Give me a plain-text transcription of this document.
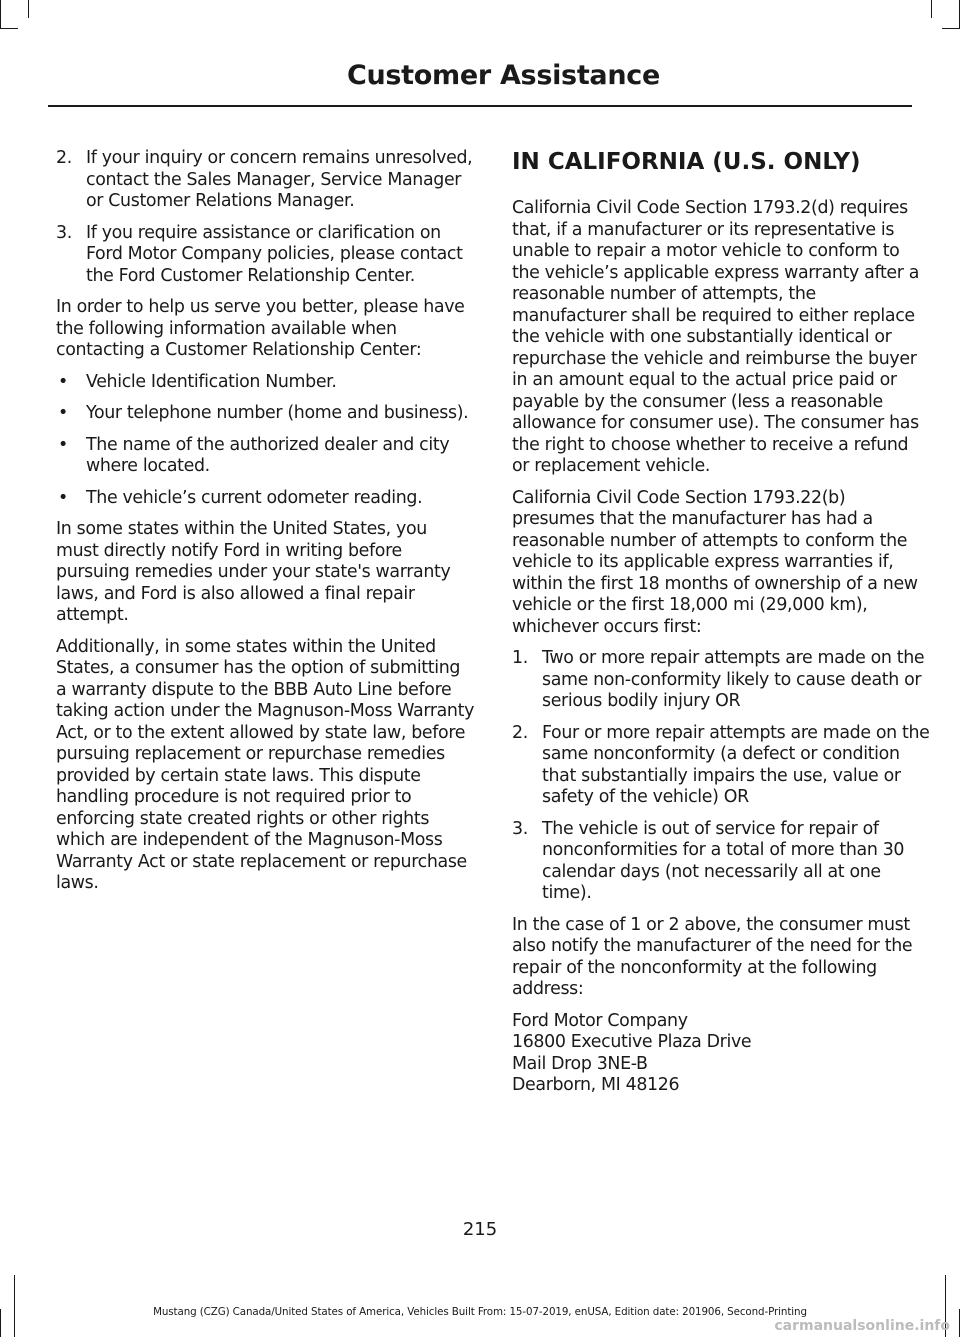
Customer Assistance
2. If your inquiry or concern remains unresolved, contact the Sales Manager, Service Manager or Customer Relations Manager.
3. If you require assistance or clarification on Ford Motor Company policies, please contact the Ford Customer Relationship Center.

In order to help us serve you better, please have the following information available when contacting a Customer Relationship Center:

•	Vehicle Identification Number.
•	Your telephone number (home and business).
•	The name of the authorized dealer and city where located.
•	The vehicle’s current odometer reading.

In some states within the United States, you must directly notify Ford in writing before pursuing remedies under your state's warranty laws, and Ford is also allowed a final repair attempt.

Additionally, in some states within the United States, a consumer has the option of submitting a warranty dispute to the BBB Auto Line before taking action under the Magnuson-Moss Warranty Act, or to the extent allowed by state law, before pursuing replacement or repurchase remedies provided by certain state laws. This dispute handling procedure is not required prior to enforcing state created rights or other rights which are independent of the Magnuson-Moss Warranty Act or state replacement or repurchase laws.

IN CALIFORNIA (U.S. ONLY)

California Civil Code Section 1793.2(d) requires that, if a manufacturer or its representative is unable to repair a motor vehicle to conform to the vehicle’s applicable express warranty after a reasonable number of attempts, the manufacturer shall be required to either replace the vehicle with one substantially identical or repurchase the vehicle and reimburse the buyer in an amount equal to the actual price paid or payable by the consumer (less a reasonable allowance for consumer use). The consumer has the right to choose whether to receive a refund or replacement vehicle.

California Civil Code Section 1793.22(b) presumes that the manufacturer has had a reasonable number of attempts to conform the vehicle to its applicable express warranties if, within the first 18 months of ownership of a new vehicle or the first 18,000 mi (29,000 km), whichever occurs first:

1. Two or more repair attempts are made on the same non-conformity likely to cause death or serious bodily injury OR
2. Four or more repair attempts are made on the same nonconformity (a defect or condition that substantially impairs the use, value or safety of the vehicle) OR
3. The vehicle is out of service for repair of nonconformities for a total of more than 30 calendar days (not necessarily all at one time).

In the case of 1 or 2 above, the consumer must also notify the manufacturer of the need for the repair of the nonconformity at the following address:

Ford Motor Company
16800 Executive Plaza Drive
Mail Drop 3NE-B
Dearborn, MI 48126
215
Mustang (CZG) Canada/United States of America, Vehicles Built From: 15-07-2019, enUSA, Edition date: 201906, Second-Printing
carmanualsonline.info
